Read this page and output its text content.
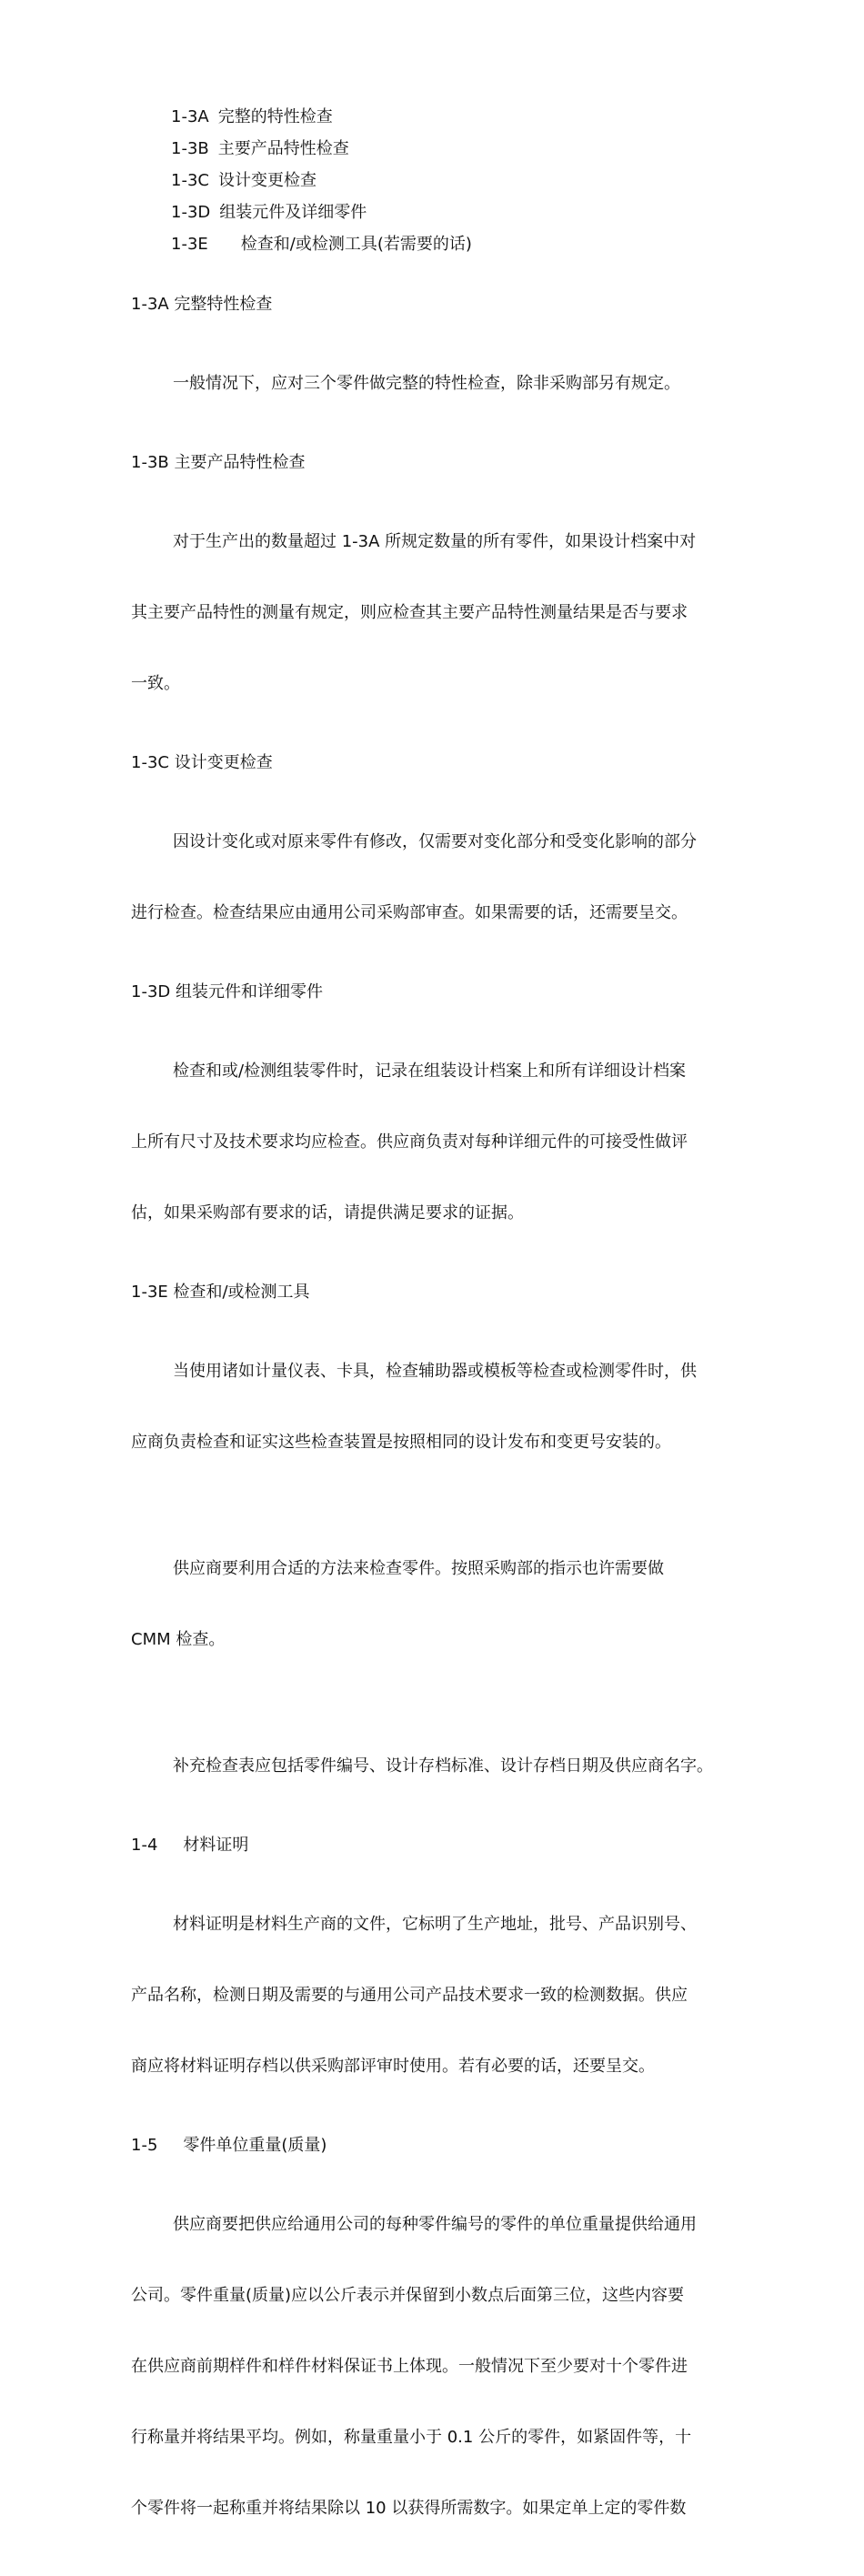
1-3A 完整的特性检查
1-3B 主要产品特性检查
1-3C 设计变更检查
1-3D 组装元件及详细零件
1-3E 检查和/或检测工具(若需要的话)
1-3A 完整特性检查

一般情况下，应对三个零件做完整的特性检查，除非采购部另有规定。

1-3B 主要产品特性检查

对于生产出的数量超过 1-3A 所规定数量的所有零件，如果设计档案中对

其主要产品特性的测量有规定，则应检查其主要产品特性测量结果是否与要求

一致。

1-3C 设计变更检查

因设计变化或对原来零件有修改，仅需要对变化部分和受变化影响的部分

进行检查。检查结果应由通用公司采购部审查。如果需要的话，还需要呈交。

1-3D 组装元件和详细零件

检查和或/检测组装零件时，记录在组装设计档案上和所有详细设计档案

上所有尺寸及技术要求均应检查。供应商负责对每种详细元件的可接受性做评

估，如果采购部有要求的话，请提供满足要求的证据。

1-3E 检查和/或检测工具

当使用诸如计量仪表、卡具，检查辅助器或模板等检查或检测零件时，供

应商负责检查和证实这些检查装置是按照相同的设计发布和变更号安装的。

供应商要利用合适的方法来检查零件。按照采购部的指示也许需要做

CMM 检查。

补充检查表应包括零件编号、设计存档标准、设计存档日期及供应商名字。

1-4 材料证明

材料证明是材料生产商的文件，它标明了生产地址，批号、产品识别号、

产品名称，检测日期及需要的与通用公司产品技术要求一致的检测数据。供应

商应将材料证明存档以供采购部评审时使用。若有必要的话，还要呈交。

1-5 零件单位重量(质量)

供应商要把供应给通用公司的每种零件编号的零件的单位重量提供给通用

公司。零件重量(质量)应以公斤表示并保留到小数点后面第三位，这些内容要

在供应商前期样件和样件材料保证书上体现。一般情况下至少要对十个零件进

行称量并将结果平均。例如，称量重量小于 0.1 公斤的零件，如紧固件等，十

个零件将一起称重并将结果除以 10 以获得所需数字。如果定单上定的零件数
